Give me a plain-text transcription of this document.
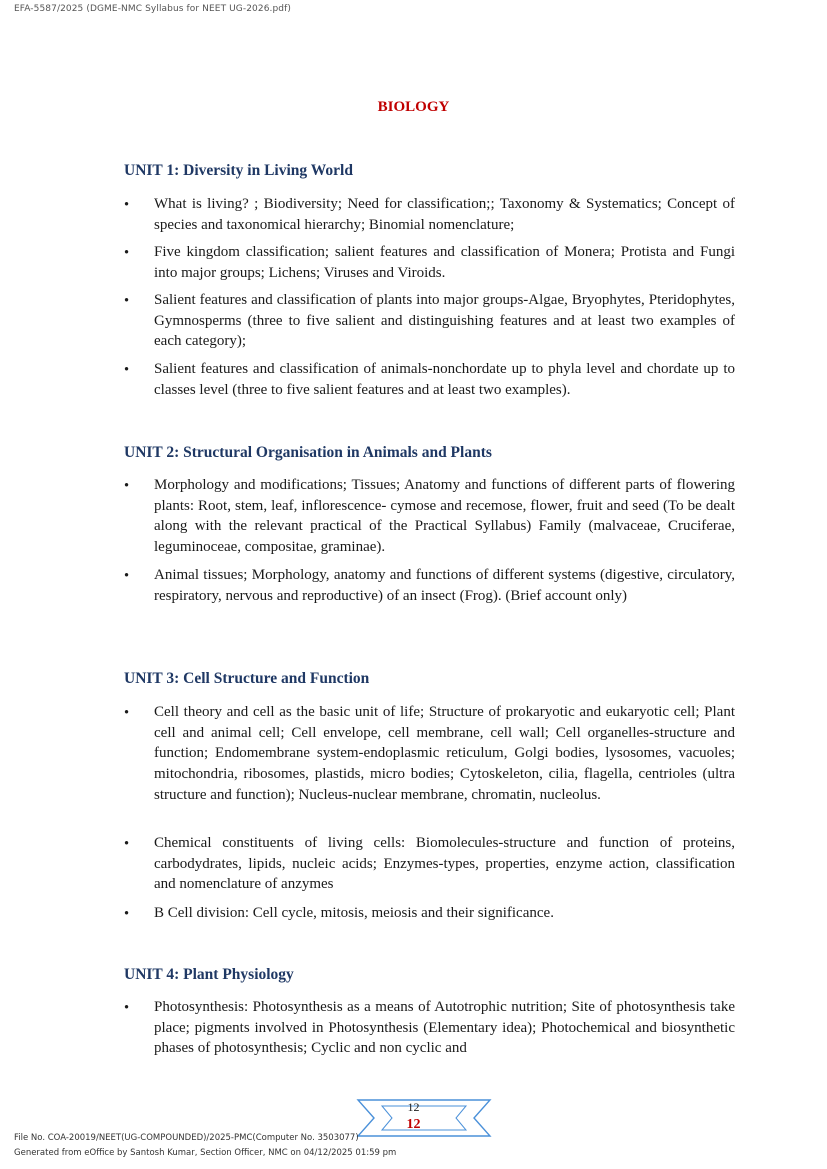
EFA-5587/2025 (DGME-NMC Syllabus for NEET UG-2026.pdf)
BIOLOGY
UNIT 1: Diversity in Living World
• What is living? ; Biodiversity; Need for classification;; Taxonomy & Systematics; Concept of species and taxonomical hierarchy; Binomial nomenclature;
• Five kingdom classification; salient features and classification of Monera; Protista and Fungi into major groups; Lichens; Viruses and Viroids.
• Salient features and classification of plants into major groups-Algae, Bryophytes, Pteridophytes, Gymnosperms (three to five salient and distinguishing features and at least two examples of each category);
• Salient features and classification of animals-nonchordate up to phyla level and chordate up to classes level (three to five salient features and at least two examples).
UNIT 2: Structural Organisation in Animals and Plants
• Morphology and modifications; Tissues; Anatomy and functions of different parts of flowering plants: Root, stem, leaf, inflorescence- cymose and recemose, flower, fruit and seed (To be dealt along with the relevant practical of the Practical Syllabus) Family (malvaceae, Cruciferae, leguminoceae, compositae, graminae).
• Animal tissues; Morphology, anatomy and functions of different systems (digestive, circulatory, respiratory, nervous and reproductive) of an insect (Frog). (Brief account only)
UNIT 3: Cell Structure and Function
• Cell theory and cell as the basic unit of life; Structure of prokaryotic and eukaryotic cell; Plant cell and animal cell; Cell envelope, cell membrane, cell wall; Cell organelles-structure and function; Endomembrane system-endoplasmic reticulum, Golgi bodies, lysosomes, vacuoles; mitochondria, ribosomes, plastids, micro bodies; Cytoskeleton, cilia, flagella, centrioles (ultra structure and function); Nucleus-nuclear membrane, chromatin, nucleolus.
• Chemical constituents of living cells: Biomolecules-structure and function of proteins, carbodydrates, lipids, nucleic acids; Enzymes-types, properties, enzyme action, classification and nomenclature of anzymes
• B Cell division: Cell cycle, mitosis, meiosis and their significance.
UNIT 4: Plant Physiology
• Photosynthesis: Photosynthesis as a means of Autotrophic nutrition; Site of photosynthesis take place; pigments involved in Photosynthesis (Elementary idea); Photochemical and biosynthetic phases of photosynthesis; Cyclic and non cyclic and
12
12
File No. COA-20019/NEET(UG-COMPOUNDED)/2025-PMC(Computer No. 3503077)
Generated from eOffice by Santosh Kumar, Section Officer, NMC on 04/12/2025 01:59 pm
